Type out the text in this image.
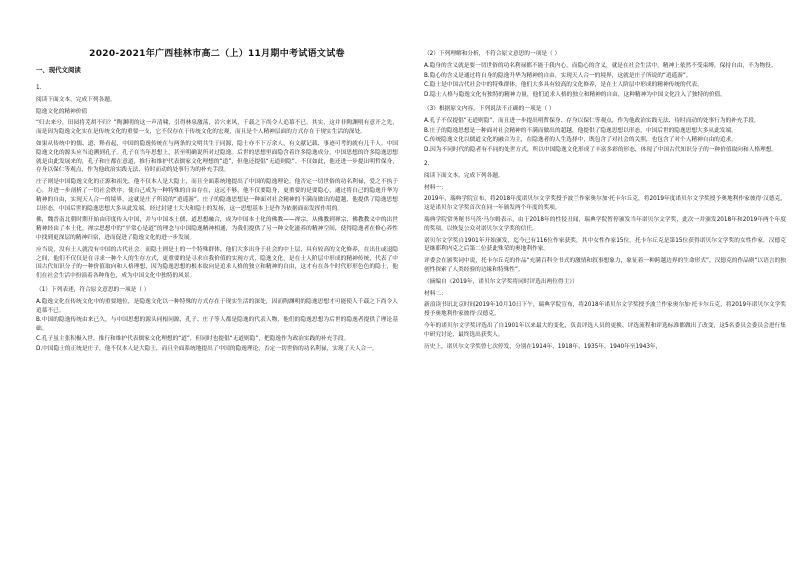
2020-2021年广西桂林市高二（上）11月期中考试语文试卷
一、现代文阅读
1.
阅读下面文本，完成下列各题。
隐逸文化的精神价值

“归去来兮，田园将芜胡不归？”陶渊明的这一声清啸，引得林泉激荡，岩穴来风，千载之下尚令人追慕不已。其实，这并非陶渊明有意开之先，而是因为隐逸文化实在是传统文化的重要一支，它不仅存在于传统文化的宏观，而且是个人精神层面的方式存在于规实生活的深处。

如果从传统中的儒、道、释看起，中国的隐逸传统在与两条的文明共生于同源，隐士亦不下万余人，有文献记载、事迹可考的就有几千人。中国隐逸文化的源头应当追溯到孔子。孔子在当年思想上，甚至明确说所对过隐逸。后世的思想里面隐含着许多隐逸成分，中国思想的许多隐逸思想就是由此发展来的，孔子和庄都在意道，推行和维护代表儒家文化理想的“道”，但他还提倡“无道则隐”。不仅如此，他还进一步提出明哲保身，存身以保仁等观点，作为他政治实践无法、待时而动的处事行为的补充手段。

庄子则是中国隐逸文化的正源和祖先，他不仅本人是大隐士，而且全面系统地提出了中国的隐逸理论。他否定一切世俗的功名利禄，爱之不执于心。并进一步剖析了一切社会秩序，使自己成为一种特殊的自由存在，这远不够，他不仅要隐身，更重要的是要隐心，通过将自己的隐逸升华为精神的自由，实现天人合一的境界，这就是庄子所说的“逍遥游”。庄子的隐逸思想是一种面对社会精神的不满而做出的超越，他提供了隐逸思想以形态，中国后世的隐逸思想大多从此发端，经过封建士大夫和隐士的发扬，这一思想基本上是作为依据面而发挥作用的。

佛，魏晋南北朝时期开始由印度传入中国，并与中国本土儒、道思想融合，成为中国本土化的佛教——禅宗，从佛教到禅宗，佛教教义中的出世精神经由了本土化，禅宗思想中的“平常心是道”的理念与中国隐逸精神相通，为我们提供了另一种文化滋养的精神空间，使得隐逸者在修心养性中找到更深层的精神归宿，进而促进了隐逸文化的进一步发展。

应当说，没有士人就没有中国的古代社会。而隐士则是士的一个特殊群体，他们大多出身于社会的中上层，具有较高的文化修养，在出仕或退隐之间，他们不仅仅是在寻求一种个人的生存方式，更重要的是寻求自我价值的实现方式，隐逸文化，是在士人阶层中形成的精神传统，代表了中国古代知识分子的一种价值取向和人格理想，因为隐逸思想的根本取向是追求人格的独立和精神的自由，这才有在各个时代形形色色的隐士，他们在社会生活中扮演着各种角色，成为中国文化中独特的风景。

（1）下列表述，符合原文意思的一项是（ ）
A.隐逸文化在传统文化中的重要地位，是隐逸文化以一种特殊的方式存在于现实生活的深处，因而陶渊明的隐逸思想才可能使人千载之下尚令人追慕不已。
B.中国的隐逸传统由来已久，与中国思想的源头同根同源，孔子、庄子等人都是隐逸的代表人物，他们的隐逸思想为后世的隐逸者提供了理论基础。
C.孔子虽主张积极入世，推行和维护代表儒家文化理想的“道”，但同时也提倡“无道则隐”，把隐逸作为政治实践的补充手段。
D.中国隐士的正统是庄子，他不仅本人是大隐士，而且全面系统地提出了中国的隐逸理论，否定一切世俗的功名利禄，实现了天人合一。
（2）下列理解和分析，不符合原文意思的一项是（ ）
A.隐身的含义就是要一切世俗的功名利禄都不能于我内心，而隐心的含义，就是在社会生活中，精神上依然不受束缚，保持自由，不为物役。
B.隐心的含义是通过将自身的隐逸升华为精神的自由，实现天人合一的境界，这就是庄子所说的“逍遥游”。
C.隐士是中国古代社会中的特殊群体，他们大多具有较高的文化修养，是在士人阶层中形成的精神传统的代表。
D.隐士人格与隐逸文化有独特的精神力量，他们追求人格的独立和精神的自由，这种精神为中国文化注入了独特的价值。
（3）根据原文内容，下列说法不正确的一项是（ ）
A.孔子不仅提倡“无道则隐”，而且进一步提出明哲保身、存身以保仁等观点，作为他政治实践无法、待时而动的处事行为的补充手段。
B.庄子的隐逸思想是一种面对社会精神的不满而做出的超越，他提供了隐逸思想以形态，中国后世的隐逸思想大多从此发端。
C.传统隐逸文化以儒道文化的融合为主，在隐逸者的人生选择中，既包含了对社会的关照，也包含了对个人精神自由的追求。
D.因为不同时代的隐者有不同的处世方式，所以中国隐逸文化形成了丰富多彩的形态，体现了中国古代知识分子的一种价值取向和人格理想。
2.
阅读下面文本，完成下列各题。
材料一：

2019年，瑞典学院宣布，将2018年度诺贝尔文学奖授予波兰作家奥尔加·托卡尔丘克，将2019年度诺贝尔文学奖授予奥地利作家彼得·汉德克，这是诺贝尔文学奖首次在同一年颁发两个年度的奖项。

瑞典学院常务秘书马茨·马尔姆表示，由于2018年的性侵丑闻，瑞典学院暂停颁发当年诺贝尔文学奖，此次一并颁发2018年和2019年两个年度的奖项，以恢复公众对诺贝尔文学奖的信任。

诺贝尔文学奖自1901年开始颁发，迄今已有116位作家获奖，其中女性作家15位。托卡尔丘克是第15位获得诺贝尔文学奖的女性作家。汉德克是继耶利内克之后第二位获此殊荣的奥地利作家。

评委会在颁奖词中说，托卡尔丘克的作品“充满百科全书式的激情和叙事想象力，象征着一种跨越边界的生命形式”，汉德克的作品则“以语言的独创性探索了人类经验的边缘和特殊性”。

（摘编自《2019年，诺贝尔文学奖将同时评选出两位得主》）
材料二：

新浪读书讯北京时间2019年10月10日下午，瑞典学院宣布，将2018年诺贝尔文学奖授予波兰作家奥尔加·托卡尔丘克，将2019年诺贝尔文学奖授予奥地利作家彼得·汉德克。

今年的诺贝尔文学奖评选出了自1901年以来最大的变化，负责评选人员的更换、评选流程和评选标准都做出了改变，这5名委员会委员会进行集中研究讨论，最终选出获奖人。

历史上，诺贝尔文学奖曾七次停发，分别在1914年、1918年、1935年、1940年至1943年，
